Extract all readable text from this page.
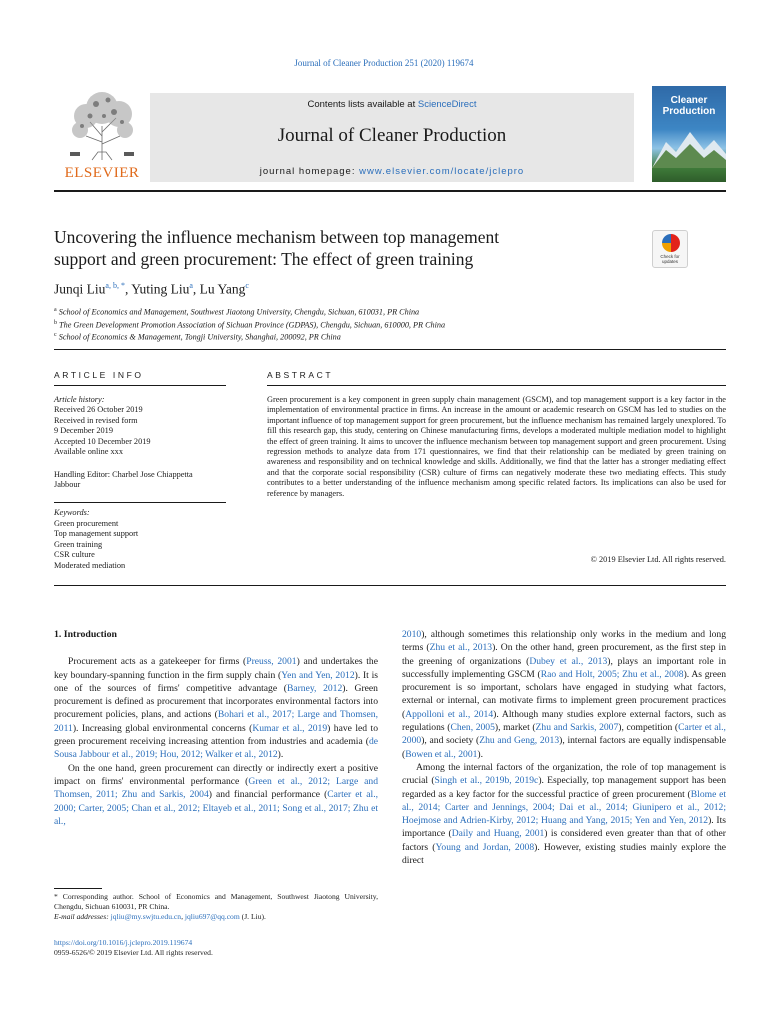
Journal of Cleaner Production 251 (2020) 119674
ELSEVIER
Contents lists available at ScienceDirect
Journal of Cleaner Production
journal homepage: www.elsevier.com/locate/jclepro
Cleaner
Production
Uncovering the influence mechanism between top management
support and green procurement: The effect of green training	Check for updates
Junqi Liu$^{a, b, *}$, Yuting Liu$^a$, Lu Yang$^c$
$^a$ School of Economics and Management, Southwest Jiaotong University, Chengdu, Sichuan, 610031, PR China
$^b$ The Green Development Promotion Association of Sichuan Province (GDPAS), Chengdu, Sichuan, 610000, PR China
$^c$ School of Economics & Management, Tongji University, Shanghai, 200092, PR China
ARTICLE INFO
Article history:
Received 26 October 2019
Received in revised form
9 December 2019
Accepted 10 December 2019
Available online xxx
Handling Editor: Charbel Jose Chiappetta
Jabbour
Keywords:
Green procurement
Top management support
Green training
CSR culture
Moderated mediation
ABSTRACT
Green procurement is a key component in green supply chain management (GSCM), and top management support is a key factor in the implementation of environmental practice in firms. An increase in the amount or academic research on GSCM has led to studies on the important influence of top management support for green procurement, but the influence mechanism has remained largely unexplored. To fill this research gap, this study, centering on Chinese manufacturing firms, develops a moderated multiple mediation model to highlight the effect of green training. It aims to uncover the influence mechanism between top management support and green procurement. Using regression methods to analyze data from 171 questionnaires, we find that their relationship can be mediated by green training on awareness and responsibility and on technical knowledge and skills. Additionally, we find that the latter has a stronger mediating effect and that the corporate social responsibility (CSR) culture of firms can negatively moderate these two mediating effects. This study contributes to a better understanding of the influence mechanism among specific related factors. Its implications can also be used for reference by managers.
© 2019 Elsevier Ltd. All rights reserved.
1. Introduction

Procurement acts as a gatekeeper for firms (Preuss, 2001) and undertakes the key boundary-spanning function in the firm supply chain (Yen and Yen, 2012). It is one of the sources of firms' competitive advantage (Barney, 2012). Green procurement is defined as procurement that incorporates environmental factors into procurement policies, plans, and actions (Bohari et al., 2017; Large and Thomsen, 2011). Increasing global environmental concerns (Kumar et al., 2019) have led to green procurement receiving increasing attention from industries and academia (de Sousa Jabbour et al., 2019; Hou, 2012; Walker et al., 2012).

On the one hand, green procurement can directly or indirectly exert a positive impact on firms' environmental performance (Green et al., 2012; Large and Thomsen, 2011; Zhu and Sarkis, 2004) and financial performance (Carter et al., 2000; Carter, 2005; Chan et al., 2012; Eltayeb et al., 2011; Song et al., 2017; Zhu et al.,

2010), although sometimes this relationship only works in the medium and long terms (Zhu et al., 2013). On the other hand, green procurement, as the first step in the greening of organizations (Dubey et al., 2013), plays an important role in successfully implementing GSCM (Rao and Holt, 2005; Zhu et al., 2008). As green procurement is so important, scholars have engaged in studying what factors, external or internal, can motivate firms to implement green procurement practices (Appolloni et al., 2014). Although many studies explore external factors, such as regulations (Chen, 2005), market (Zhu and Sarkis, 2007), competition (Carter et al., 2000), and society (Zhu and Geng, 2013), internal factors are equally indispensable (Bowen et al., 2001).

Among the internal factors of the organization, the role of top management is crucial (Singh et al., 2019b, 2019c). Especially, top management support has been regarded as a key factor for the successful practice of green procurement (Blome et al., 2014; Carter and Jennings, 2004; Dai et al., 2014; Giunipero et al., 2012; Hoejmose and Adrien-Kirby, 2012; Huang and Yang, 2015; Yen and Yen, 2012). Its importance (Daily and Huang, 2001) is considered even greater than that of other factors (Young and Jordan, 2008). However, existing studies mainly explore the direct

* Corresponding author. School of Economics and Management, Southwest Jiaotong University, Chengdu, Sichuan 610031, PR China.
E-mail addresses: jqliu@my.swjtu.edu.cn, jqliu697@qq.com (J. Liu).
https://doi.org/10.1016/j.jclepro.2019.119674
0959-6526/© 2019 Elsevier Ltd. All rights reserved.
